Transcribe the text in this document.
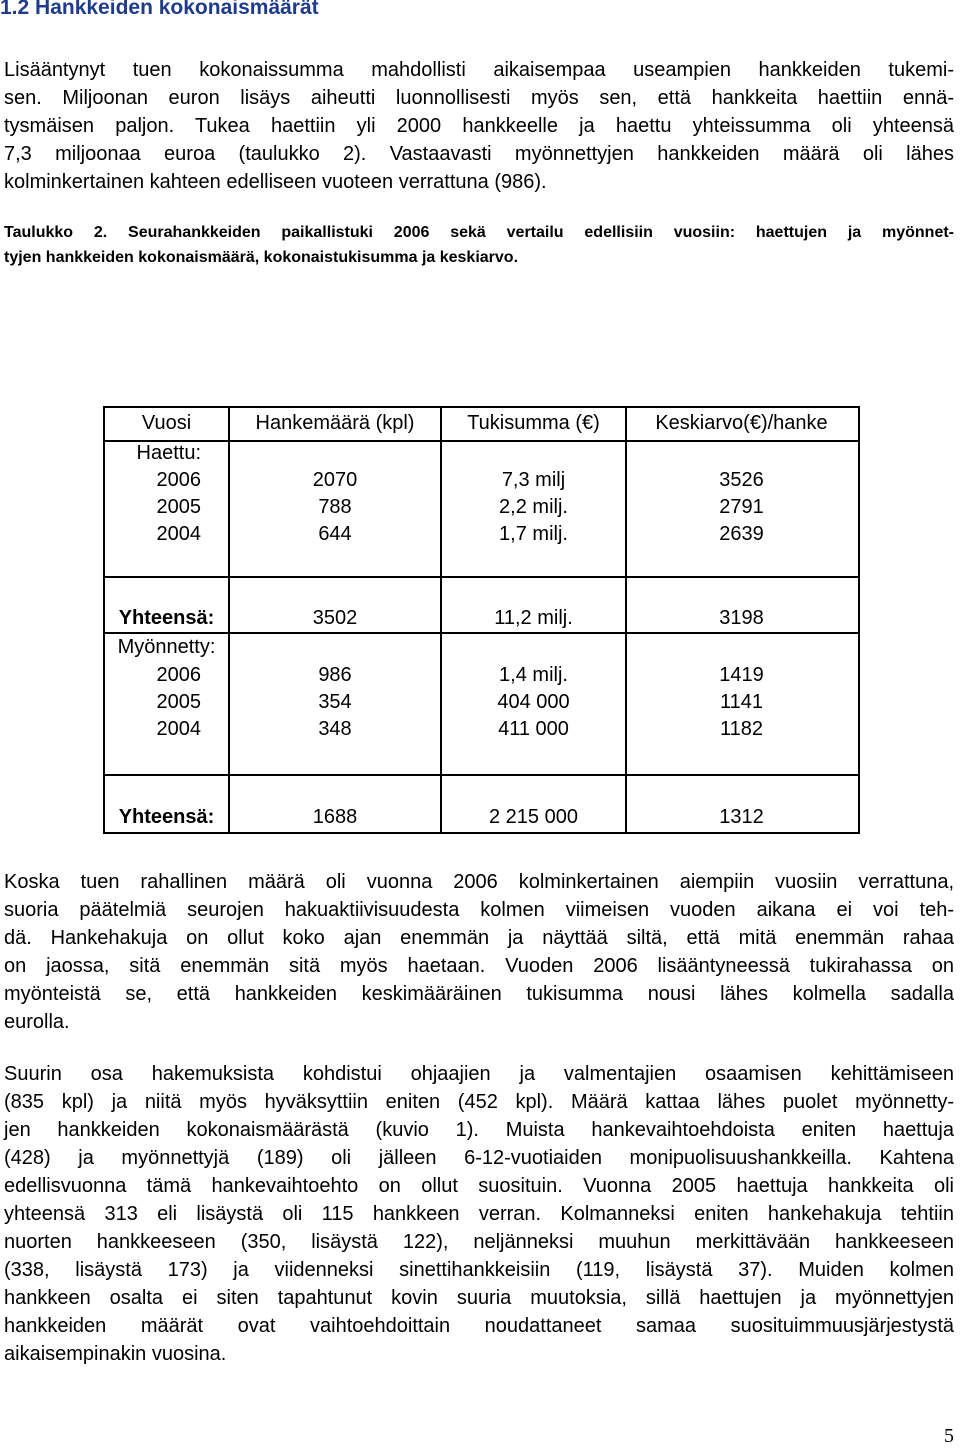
1.2 Hankkeiden kokonaismäärät
Lisääntynyt tuen kokonaissumma mahdollisti aikaisempaa useampien hankkeiden tukemi-
sen. Miljoonan euron lisäys aiheutti luonnollisesti myös sen, että hankkeita haettiin ennä-
tysmäisen paljon. Tukea haettiin yli 2000 hankkeelle ja haettu yhteissumma oli yhteensä
7,3 miljoonaa euroa (taulukko 2). Vastaavasti myönnettyjen hankkeiden määrä oli lähes
kolminkertainen kahteen edelliseen vuoteen verrattuna (986).
Taulukko 2. Seurahankkeiden paikallistuki 2006 sekä vertailu edellisiin vuosiin: haettujen ja myönnet-
tyjen hankkeiden kokonaismäärä, kokonaistukisumma ja keskiarvo.
Vuosi	Hankemäärä (kpl)	Tukisumma (€)	Keskiarvo(€)/hanke
Haettu:
2006	2070	7,3 milj	3526
2005	788	2,2 milj.	2791
2004	644	1,7 milj.	2639
Yhteensä:	3502	11,2 milj.	3198
Myönnetty:
2006	986	1,4 milj.	1419
2005	354	404 000	1141
2004	348	411 000	1182
Yhteensä:	1688	2 215 000	1312
Koska tuen rahallinen määrä oli vuonna 2006 kolminkertainen aiempiin vuosiin verrattuna,
suoria päätelmiä seurojen hakuaktiivisuudesta kolmen viimeisen vuoden aikana ei voi teh-
dä. Hankehakuja on ollut koko ajan enemmän ja näyttää siltä, että mitä enemmän rahaa
on jaossa, sitä enemmän sitä myös haetaan. Vuoden 2006 lisääntyneessä tukirahassa on
myönteistä se, että hankkeiden keskimääräinen tukisumma nousi lähes kolmella sadalla
eurolla.
Suurin osa hakemuksista kohdistui ohjaajien ja valmentajien osaamisen kehittämiseen
(835 kpl) ja niitä myös hyväksyttiin eniten (452 kpl). Määrä kattaa lähes puolet myönnetty-
jen hankkeiden kokonaismäärästä (kuvio 1). Muista hankevaihtoehdoista eniten haettuja
(428) ja myönnettyjä (189) oli jälleen 6-12-vuotiaiden monipuolisuushankkeilla. Kahtena
edellisvuonna tämä hankevaihtoehto on ollut suosituin. Vuonna 2005 haettuja hankkeita oli
yhteensä 313 eli lisäystä oli 115 hankkeen verran. Kolmanneksi eniten hankehakuja tehtiin
nuorten hankkeeseen (350, lisäystä 122), neljänneksi muuhun merkittävään hankkeeseen
(338, lisäystä 173) ja viidenneksi sinettihankkeisiin (119, lisäystä 37). Muiden kolmen
hankkeen osalta ei siten tapahtunut kovin suuria muutoksia, sillä haettujen ja myönnettyjen
hankkeiden määrät ovat vaihtoehdoittain noudattaneet samaa suosituimmuusjärjestystä
aikaisempinakin vuosina.
5
